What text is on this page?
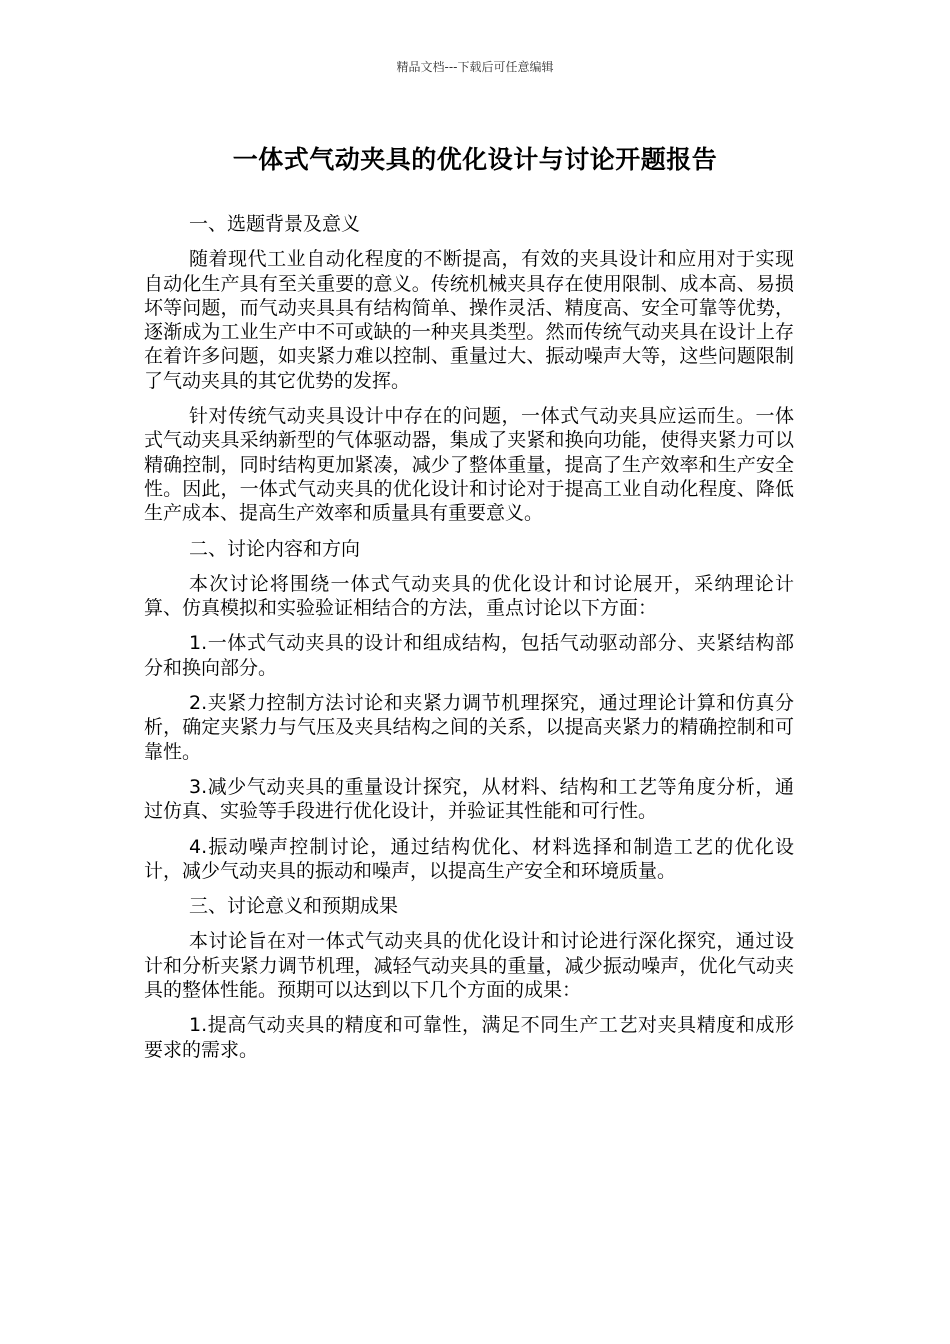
精品文档---下载后可任意编辑
一体式气动夹具的优化设计与讨论开题报告
一、选题背景及意义

随着现代工业自动化程度的不断提高，有效的夹具设计和应用对于实现自动化生产具有至关重要的意义。传统机械夹具存在使用限制、成本高、易损坏等问题，而气动夹具具有结构简单、操作灵活、精度高、安全可靠等优势，逐渐成为工业生产中不可或缺的一种夹具类型。然而传统气动夹具在设计上存在着许多问题，如夹紧力难以控制、重量过大、振动噪声大等，这些问题限制了气动夹具的其它优势的发挥。

针对传统气动夹具设计中存在的问题，一体式气动夹具应运而生。一体式气动夹具采纳新型的气体驱动器，集成了夹紧和换向功能，使得夹紧力可以精确控制，同时结构更加紧凑，减少了整体重量，提高了生产效率和生产安全性。因此，一体式气动夹具的优化设计和讨论对于提高工业自动化程度、降低生产成本、提高生产效率和质量具有重要意义。

二、讨论内容和方向

本次讨论将围绕一体式气动夹具的优化设计和讨论展开，采纳理论计算、仿真模拟和实验验证相结合的方法，重点讨论以下方面：

1.一体式气动夹具的设计和组成结构，包括气动驱动部分、夹紧结构部分和换向部分。

2.夹紧力控制方法讨论和夹紧力调节机理探究，通过理论计算和仿真分析，确定夹紧力与气压及夹具结构之间的关系，以提高夹紧力的精确控制和可靠性。

3.减少气动夹具的重量设计探究，从材料、结构和工艺等角度分析，通过仿真、实验等手段进行优化设计，并验证其性能和可行性。

4.振动噪声控制讨论，通过结构优化、材料选择和制造工艺的优化设计，减少气动夹具的振动和噪声，以提高生产安全和环境质量。

三、讨论意义和预期成果

本讨论旨在对一体式气动夹具的优化设计和讨论进行深化探究，通过设计和分析夹紧力调节机理，减轻气动夹具的重量，减少振动噪声，优化气动夹具的整体性能。预期可以达到以下几个方面的成果：

1.提高气动夹具的精度和可靠性，满足不同生产工艺对夹具精度和成形要求的需求。
